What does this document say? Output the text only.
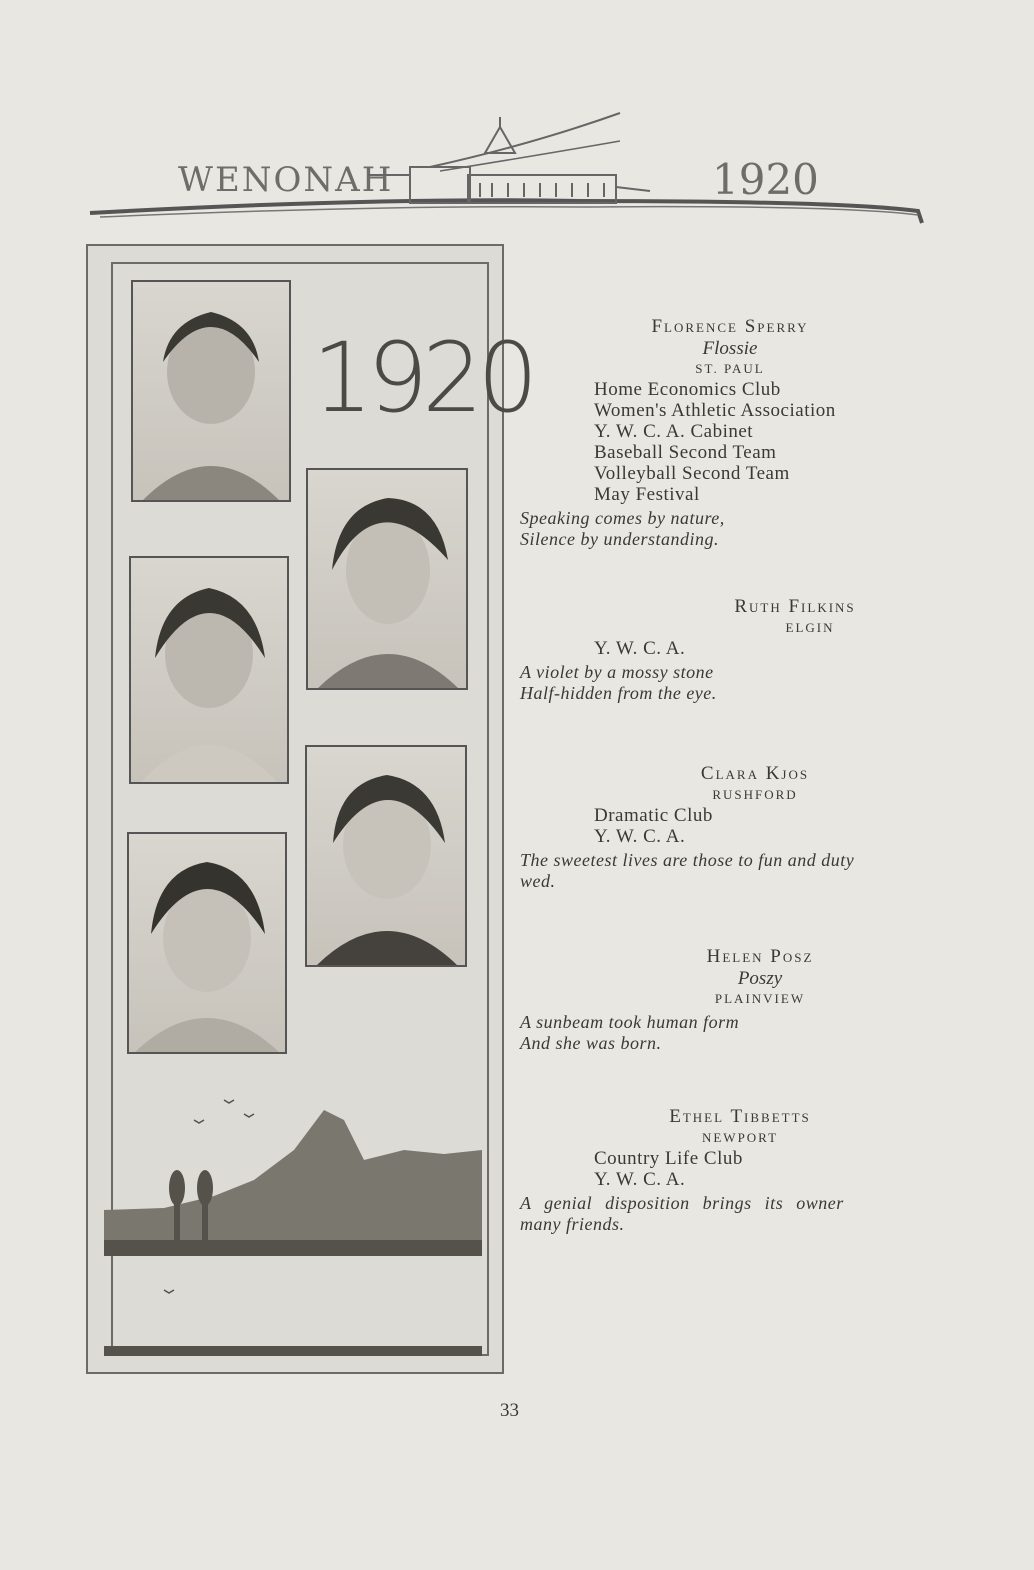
WENONAH	1920
1920	Florence Sperry
Flossie
ST. PAUL
Home Economics Club
Women's Athletic Association
Y. W. C. A. Cabinet
Baseball Second Team
Volleyball Second Team
May Festival
Speaking comes by nature,
Silence by understanding.
Ruth Filkins
ELGIN
Y. W. C. A.
A violet by a mossy stone
Half-hidden from the eye.
Clara Kjos
RUSHFORD
Dramatic Club
Y. W. C. A.
The sweetest lives are those to fun and duty
wed.
Helen Posz
Poszy
PLAINVIEW
A sunbeam took human form
And she was born.
Ethel Tibbetts
NEWPORT
Country Life Club
Y. W. C. A.
A genial disposition brings its owner
many friends.
33
